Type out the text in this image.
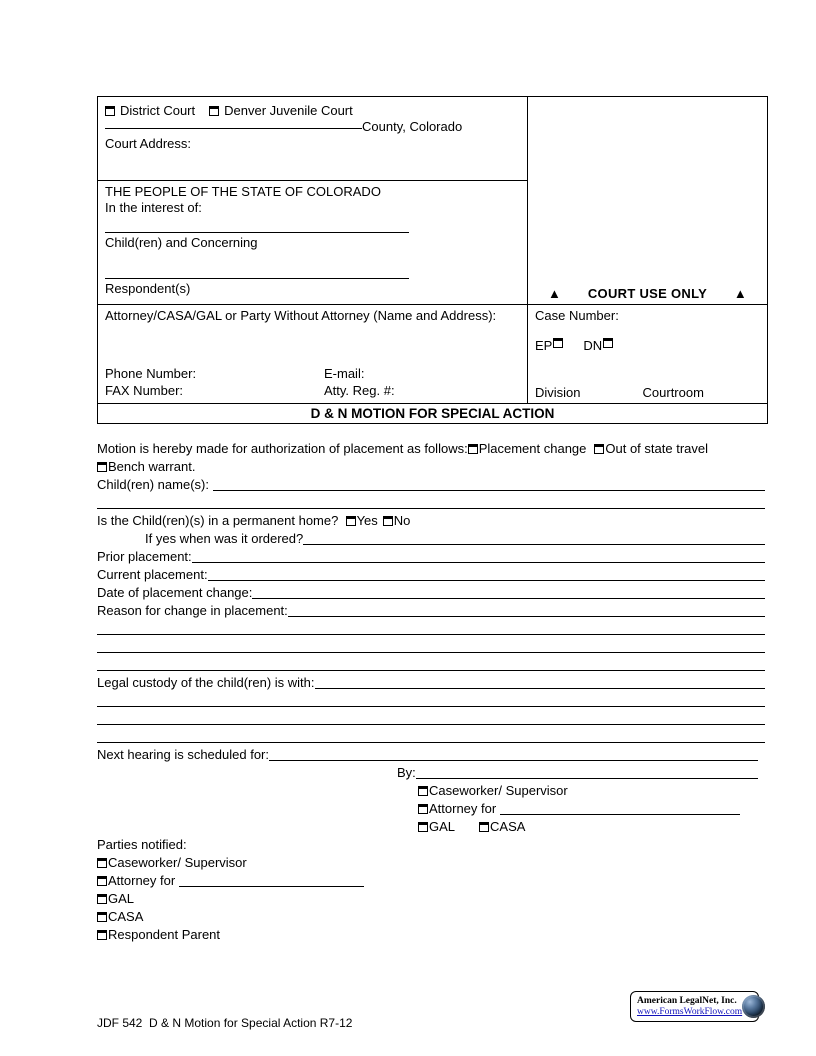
District Court Denver Juvenile Court
County, Colorado
Court Address:
THE PEOPLE OF THE STATE OF COLORADO
In the interest of:
Child(ren) and Concerning
Respondent(s)
Attorney/CASA/GAL or Party Without Attorney (Name and Address):
Phone Number:	E-mail:
FAX Number:	Atty. Reg. #:
▲ COURT USE ONLY ▲
Case Number:
EP DN
Division	Courtroom
D & N MOTION FOR SPECIAL ACTION
Motion is hereby made for authorization of placement as follows: Placement change Out of state travel
Bench warrant.
Child(ren) name(s):
Is the Child(ren)(s) in a permanent home? Yes No
If yes when was it ordered?
Prior placement:
Current placement:
Date of placement change:
Reason for change in placement:
Legal custody of the child(ren) is with:
Next hearing is scheduled for:
By:
Caseworker/ Supervisor
Attorney for
GAL	CASA
Parties notified:
Caseworker/ Supervisor
Attorney for
GAL
CASA
Respondent Parent
JDF 542  D & N Motion for Special Action R7-12
American LegalNet, Inc.
www.FormsWorkFlow.com
